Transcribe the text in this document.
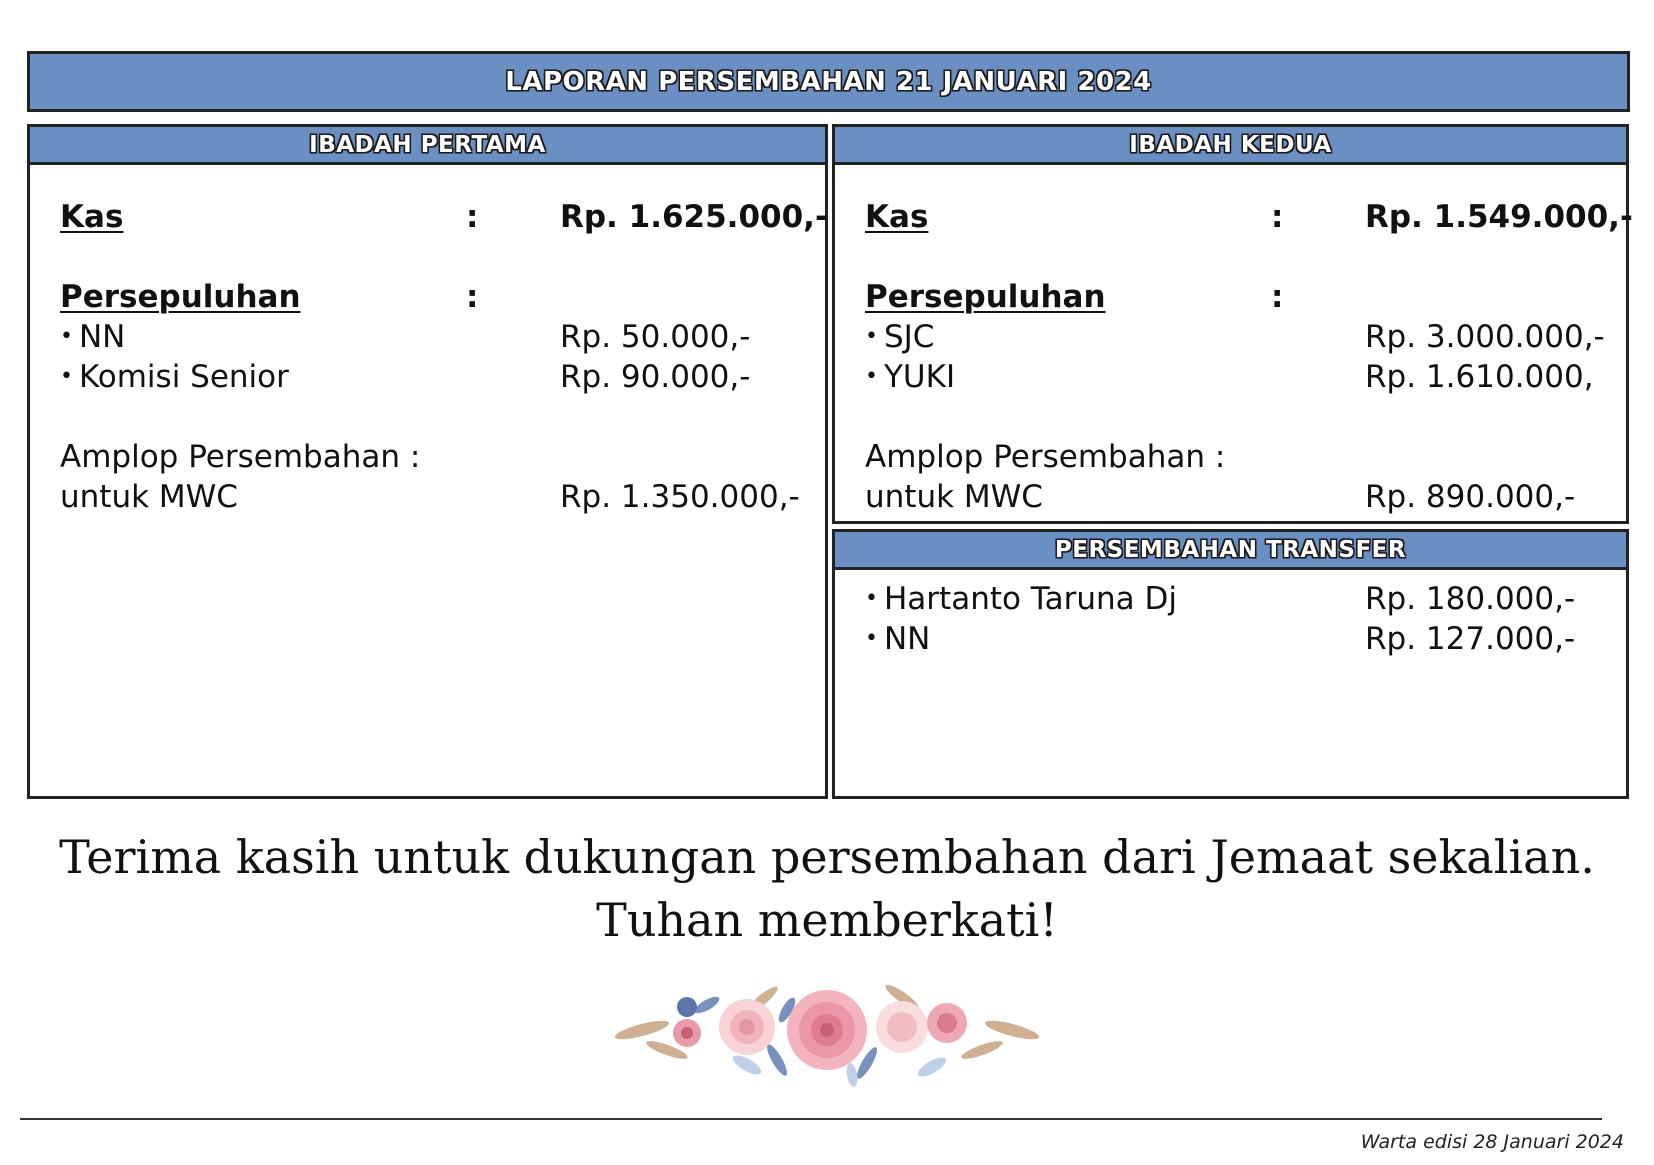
LAPORAN PERSEMBAHAN 21 JANUARI 2024
IBADAH PERTAMA
Kas	:	Rp. 1.625.000,-
Persepuluhan	:
• NN	Rp. 50.000,-
• Komisi Senior	Rp. 90.000,-
Amplop Persembahan :
untuk MWC	Rp. 1.350.000,-
IBADAH KEDUA
Kas	:	Rp. 1.549.000,-
Persepuluhan	:
• SJC	Rp. 3.000.000,-
• YUKI	Rp. 1.610.000,
Amplop Persembahan :
untuk MWC	Rp. 890.000,-
PERSEMBAHAN TRANSFER
• Hartanto Taruna Dj	Rp. 180.000,-
• NN	Rp. 127.000,-
Terima kasih untuk dukungan persembahan dari Jemaat sekalian.
Tuhan memberkati!
Warta edisi 28 Januari 2024
